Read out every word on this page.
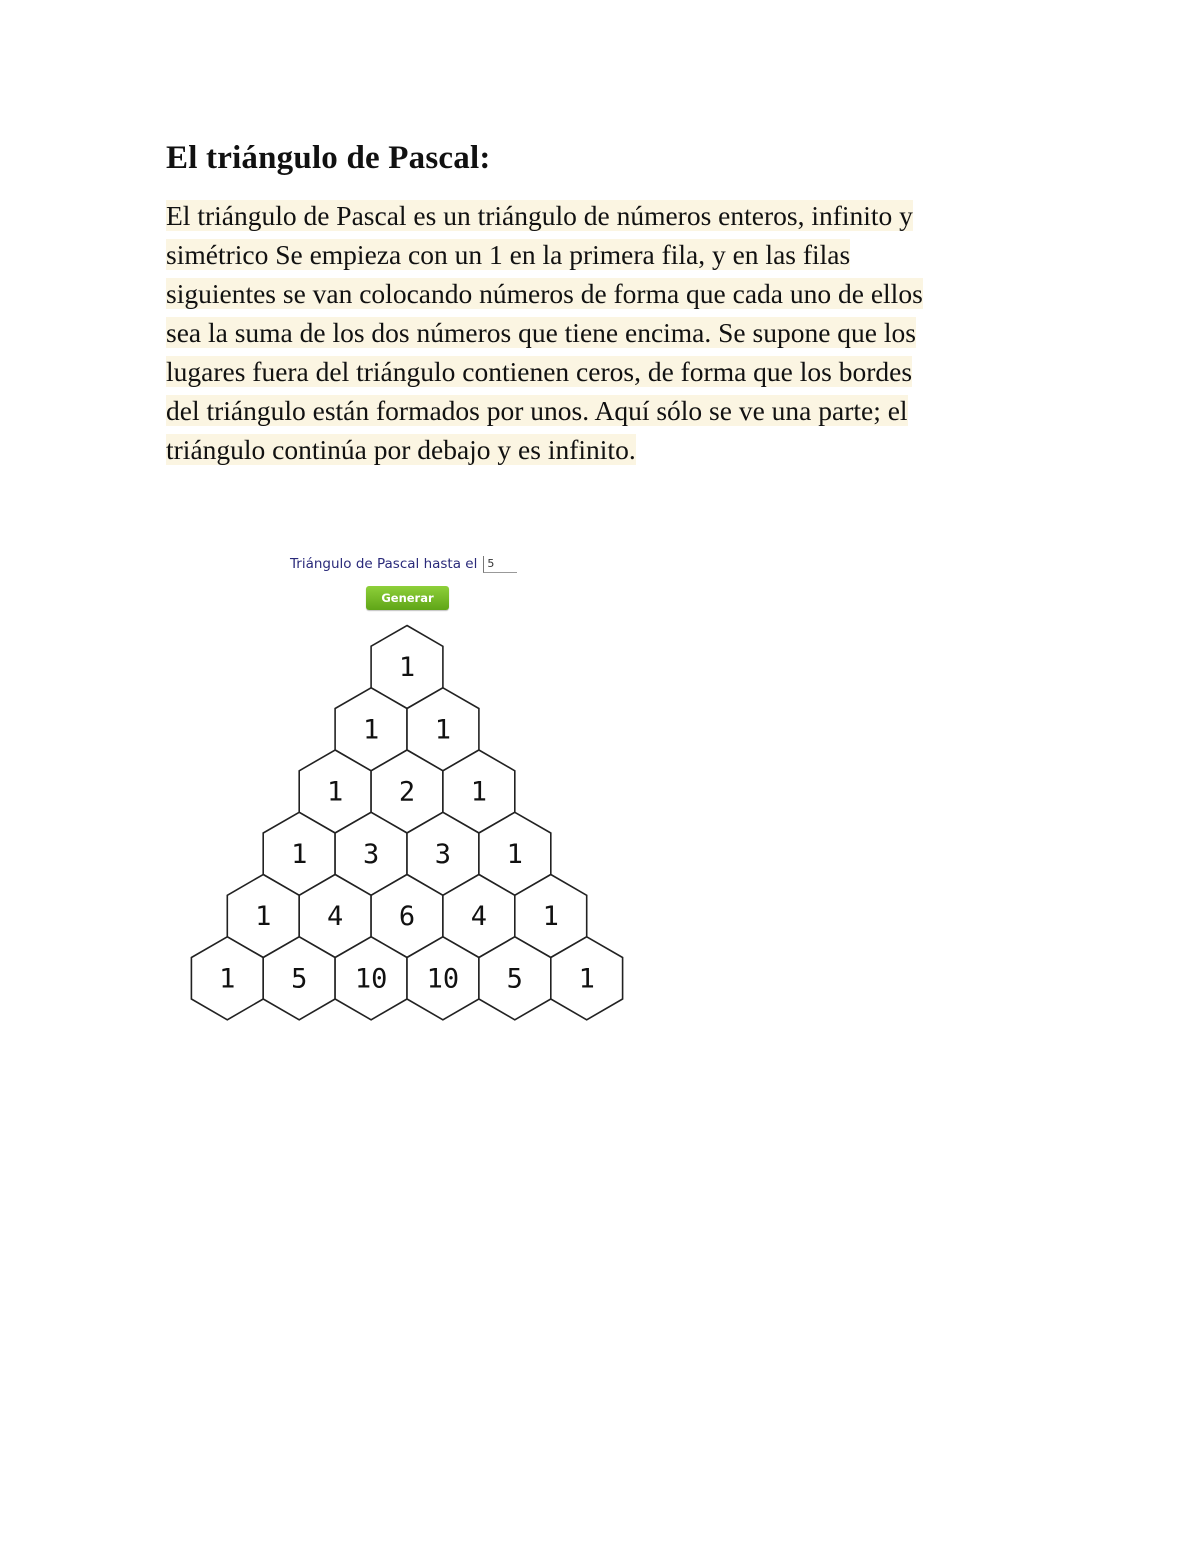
El triángulo de Pascal:

El triángulo de Pascal es un triángulo de números enteros, infinito y
simétrico Se empieza con un 1 en la primera fila, y en las filas
siguientes se van colocando números de forma que cada uno de ellos
sea la suma de los dos números que tiene encima. Se supone que los
lugares fuera del triángulo contienen ceros, de forma que los bordes
del triángulo están formados por unos. Aquí sólo se ve una parte; el
triángulo continúa por debajo y es infinito.

Triángulo de Pascal hasta el
5
Generar
1
1 1
1 2 1
1 3 3 1
1 4 6 4 1
1 5 10 10 5 1
